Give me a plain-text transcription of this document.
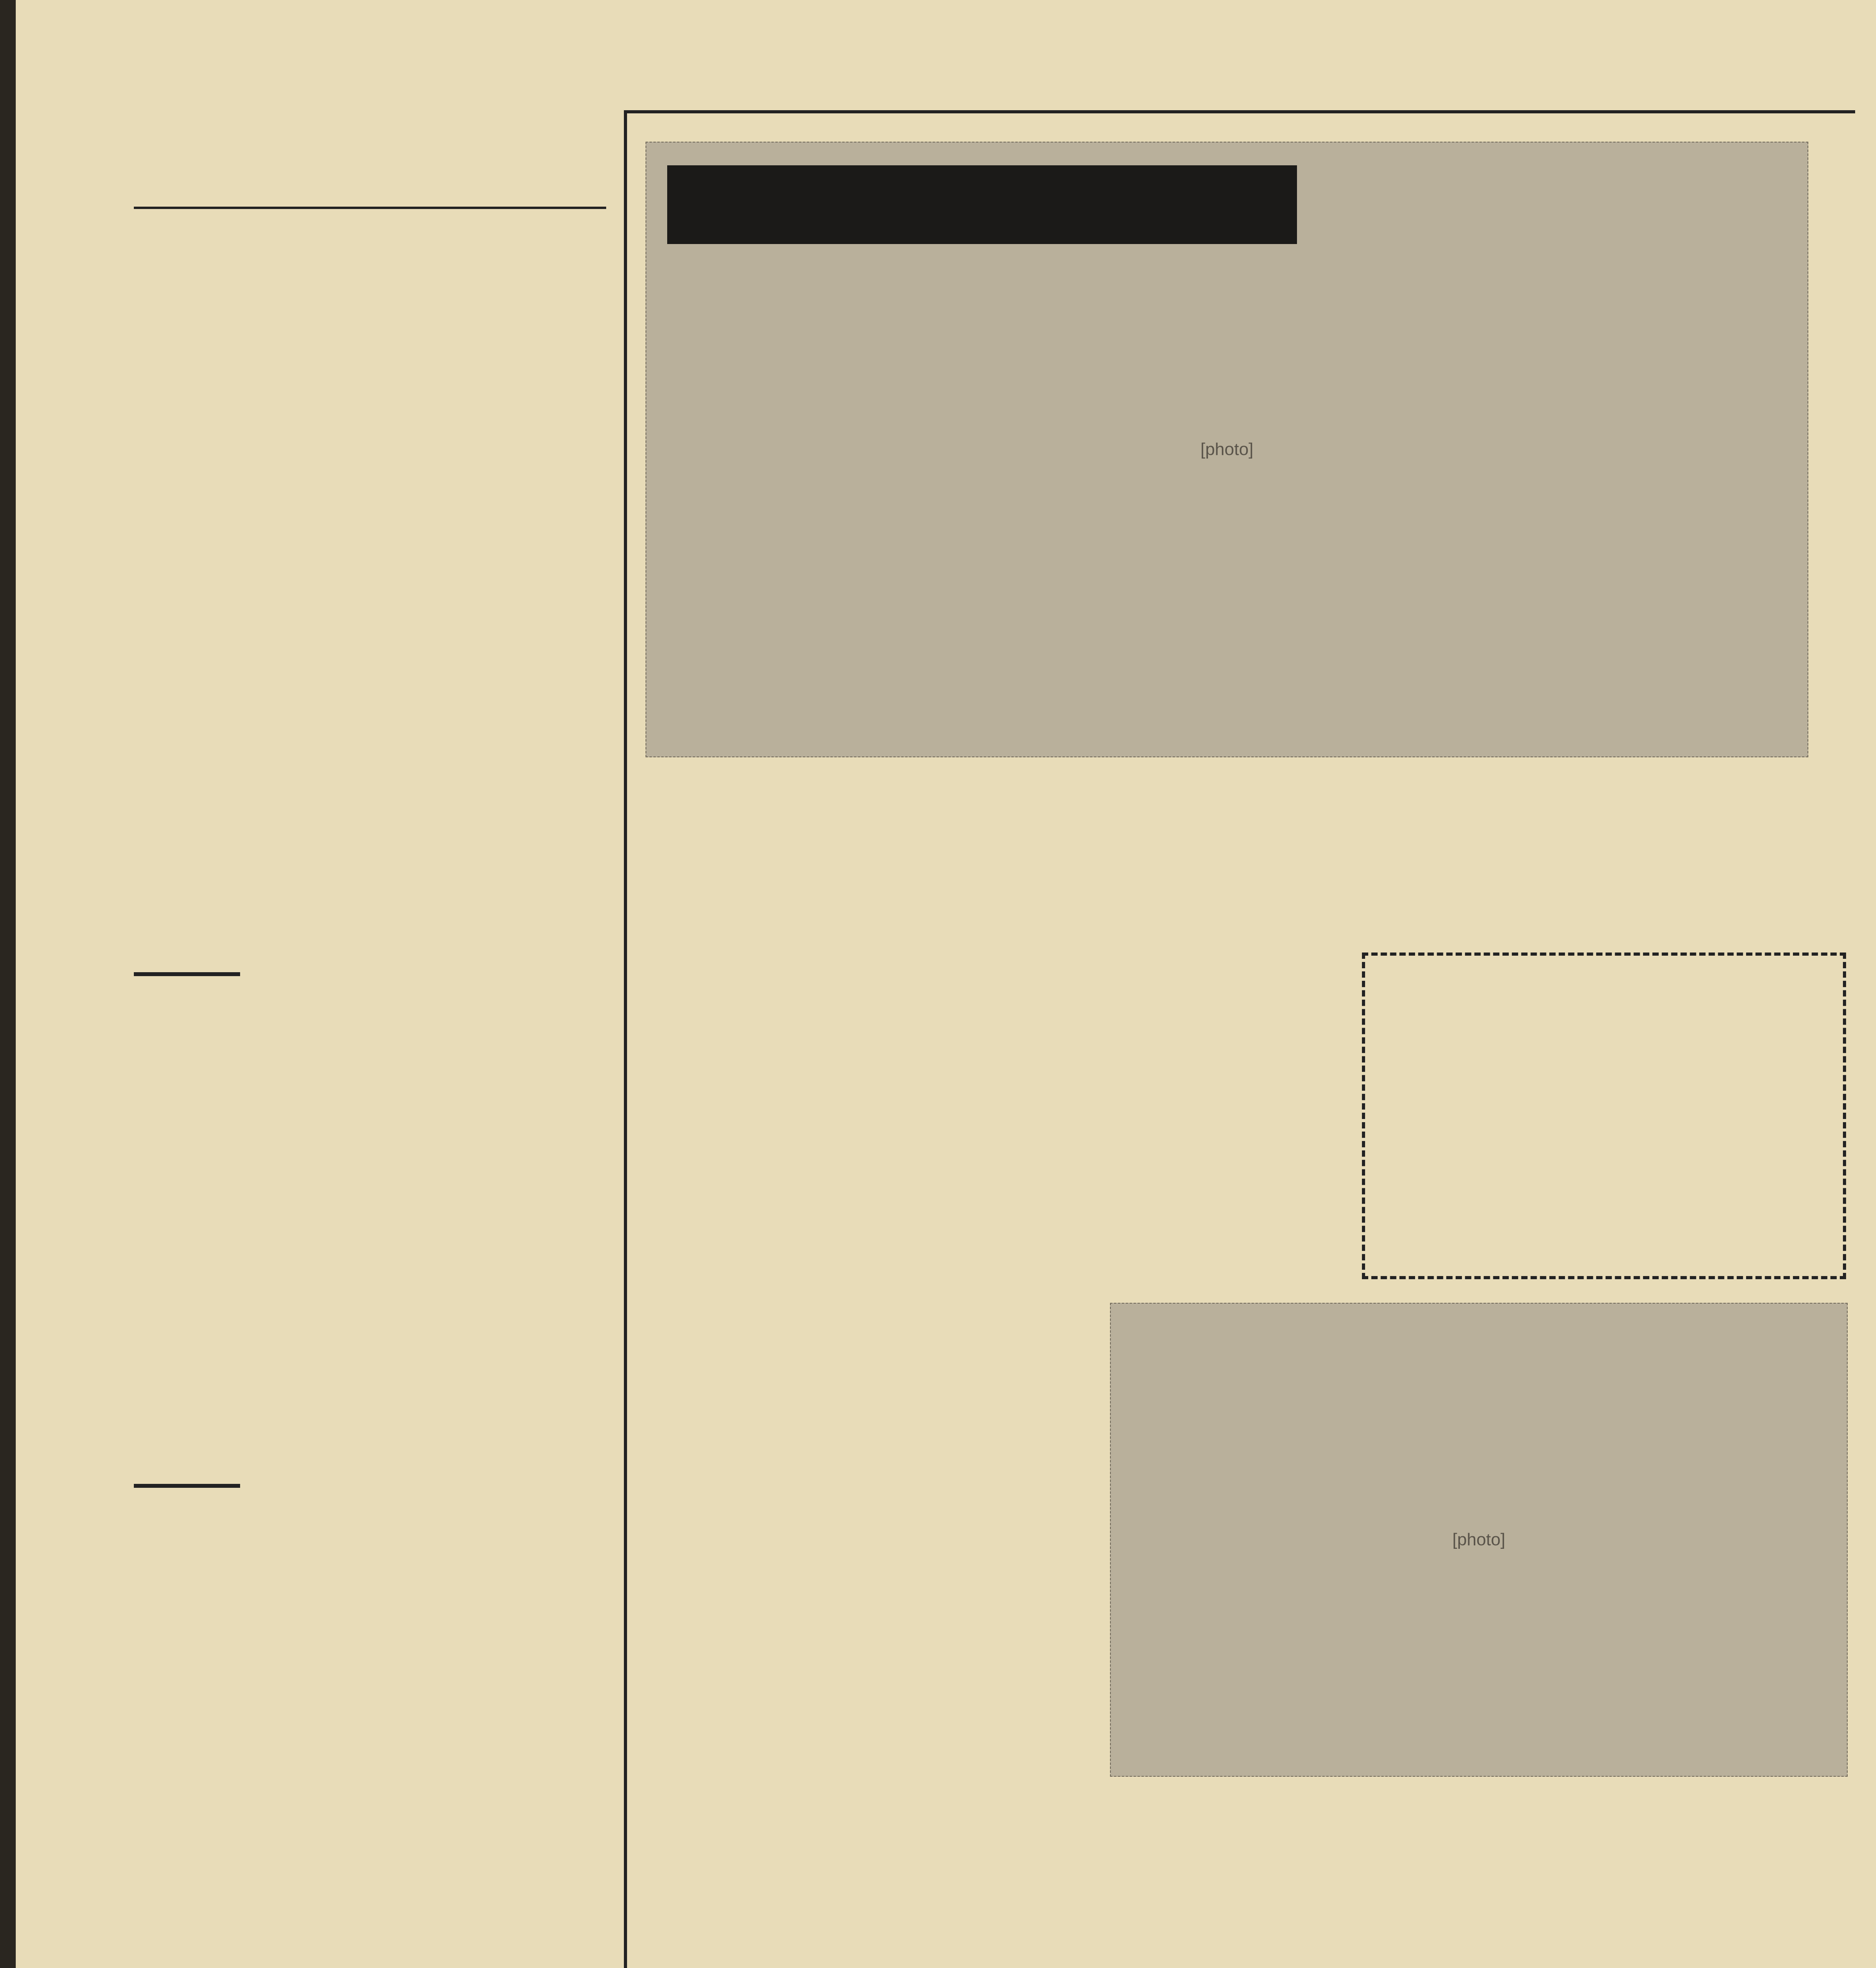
[photo]
[photo]
